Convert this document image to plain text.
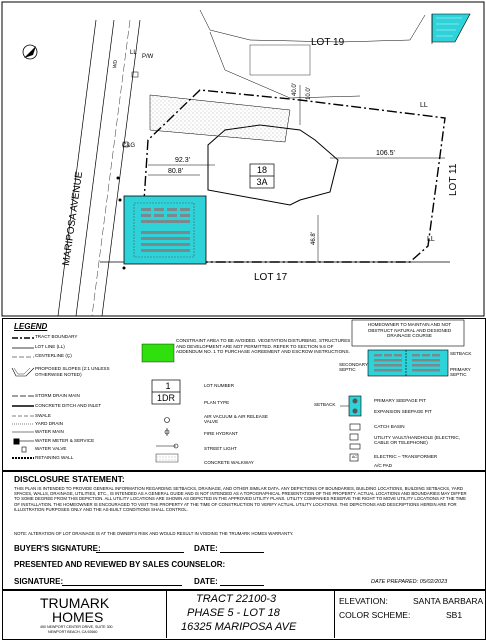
LOT 19
LOT 11
LOT 17
MARIPOSA AVENUE
18
3A
92.3'
80.8'
106.5'
40.0' 10.0'
46.8'
LL
LL
LL
C&G
P/W
WD
LEGEND
TRACT BOUNDARY
LOT LINE (LL)
CENTERLINE (Ç)
PROPOSED SLOPES (2:1 UNLESS OTHERWISE NOTED)
STORM DRAIN MAIN
CONCRETE DITCH AND INLET
SWALE
YARD DRAIN
WATER MAIN
WATER METER & SERVICE
WATER VALVE
RETAINING WALL
CONSTRAINT AREA TO BE AVOIDED. VEGETATION DISTURBING, STRUCTURES AND DEVELOPMENT ARE NOT PERMITTED. REFER TO SECTION 9.6 OF ADDENDUM NO. 1 TO PURCHASE AGREEMENT AND ESCROW INSTRUCTIONS.
1
1DR
LOT NUMBER
PLAN TYPE
AIR VACUUM & AIR RELEASE VALVE
FIRE HYDRANT
STREET LIGHT
CONCRETE WALKWAY
HOMEOWNER TO MAINTAIN AND NOT OBSTRUCT NATURAL AND DESIGNED DRAINAGE COURSE
SETBACK
SECONDARY SEPTIC	PRIMARY SEPTIC
SETBACK
PRIMARY SEEPAGE PIT
EXPANSION SEEPAGE PIT
CATCH BASIN
UTILITY VAULT/HANDHOLE (ELECTRIC, CABLE OR TELEPHONE)
ELECTRIC – TRANSFORMER
A/C PAD
AC
DISCLOSURE STATEMENT:
THIS PLAN IS INTENDED TO PROVIDE GENERAL INFORMATION REGARDING SETBACKS, DRAINAGE, AND OTHER SIMILAR DATA. ANY DEPICTIONS OF BOUNDARIES, BUILDING LOCATIONS, BUILDING SETBACKS, YARD SPACES, WALLS, DRAINAGE, UTILITIES, ETC., IS INTENDED AS A GENERAL GUIDE AND IS NOT INTENDED AS A TOPOGRAPHICAL PRESENTATION OF THE PROPERTY. ACTUAL LOCATIONS AND BOUNDARIES MAY DIFFER TO SOME DEGREE FROM THIS DEPICTION. ALL UTILITY LOCATIONS ARE SHOWN AS DEPICTED IN THE APPROVED UTILITY PLANS. UTILITY COMPANIES RESERVE THE RIGHT TO MOVE UTILITY LOCATIONS AT THE TIME OF INSTALLATION. THE HOMEOWNER IS ENCOURAGED TO VISIT THE PROPERTY AT THE TIME OF CONSTRUCTION TO VERIFY ACTUAL UTILITY LOCATIONS. THE DEPICTIONS AND DESCRIPTIONS HEREIN ARE FOR ILLUSTRATION PURPOSES ONLY AND THE AS-BUILT CONDITIONS SHALL CONTROL.
NOTE: ALTERATION OF LOT DRAINAGE IS AT THE OWNER'S RISK AND WOULD RESULT IN VOIDING THE TRUMARK HOMES WARRANTY.
BUYER'S SIGNATURE:	DATE:
PRESENTED AND REVIEWED BY SALES COUNSELOR:
SIGNATURE:	DATE:	DATE PREPARED: 05/02/2023
TRUMARK
HOMES
450 NEWPORT CENTER DRIVE, SUITE 300
NEWPORT BEACH, CA 92660
TRACT 22100-3
PHASE 5 - LOT 18
16325 MARIPOSA AVE
ELEVATION:	SANTA BARBARA
COLOR SCHEME:	SB1
